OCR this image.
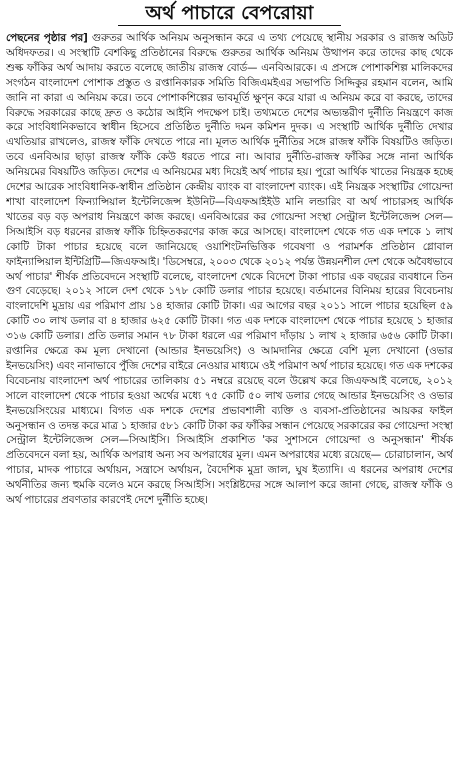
অর্থ পাচারে বেপরোয়া
পেছনের পৃষ্ঠার পর] গুরুতর আর্থিক অনিয়ম অনুসন্ধান করে এ তথ্য পেয়েছে স্থানীয় সরকার ও রাজস্ব অডিট অধিদফতর। এ সংস্থাটি বেশকিছু প্রতিষ্ঠানের বিরুদ্ধে গুরুতর আর্থিক অনিয়ম উত্থাপন করে তাদের কাছ থেকে শুল্ক ফাঁকির অর্থ আদায় করতে বলেছে জাতীয় রাজস্ব বোর্ড— এনবিআরকে। এ প্রসঙ্গে পোশাকশিল্প মালিকদের সংগঠন বাংলাদেশ পোশাক প্রস্তুত ও রপ্তানিকারক সমিতি বিজিএমইএর সভাপতি সিদ্দিকুর রহমান বলেন, আমি জানি না কারা এ অনিয়ম করে। তবে পোশাকশিল্পের ভাবমূর্তি ক্ষুণ্ন করে যারা এ অনিয়ম করে বা করছে, তাদের বিরুদ্ধে সরকারের কাছে দ্রুত ও কঠোর আইনি পদক্ষেপ চাই। তথ্যমতে দেশের অভ্যন্তরীণ দুর্নীতি নিয়ন্ত্রণে কাজ করে সাংবিধানিকভাবে স্বাধীন হিসেবে প্রতিষ্ঠিত দুর্নীতি দমন কমিশন দুদক। এ সংস্থাটি আর্থিক দুর্নীতি দেখার এখতিয়ার রাখলেও, রাজস্ব ফাঁকি দেখতে পারে না। মূলত আর্থিক দুর্নীতির সঙ্গে রাজস্ব ফাঁকি বিষয়টিও জড়িত। তবে এনবিআর ছাড়া রাজস্ব ফাঁকি কেউ ধরতে পারে না। আবার দুর্নীতি-রাজস্ব ফাঁকির সঙ্গে নানা আর্থিক অনিয়মের বিষয়টিও জড়িত। দেশের এ অনিয়মের মধ্য দিয়েই অর্থ পাচার হয়। পুরো আর্থিক খাতের নিয়ন্ত্রক হচ্ছে দেশের আরেক সাংবিধানিক-স্বাধীন প্রতিষ্ঠান কেন্দ্রীয় ব্যাংক বা বাংলাদেশ ব্যাংক। এই নিয়ন্ত্রক সংস্থাটির গোয়েন্দা শাখা বাংলাদেশ ফিন্যান্সিয়াল ইন্টেলিজেন্স ইউনিট—বিএফআইইউ মানি লন্ডারিং বা অর্থ পাচারসহ আর্থিক খাতের বড় বড় অপরাধ নিয়ন্ত্রণে কাজ করছে। এনবিআরের কর গোয়েন্দা সংস্থা সেন্ট্রাল ইন্টেলিজেন্স সেল—সিআইসি বড় ধরনের রাজস্ব ফাঁকি চিহ্নিতকরণের কাজ করে আসছে। বাংলাদেশ থেকে গত এক দশকে ১ লাখ কোটি টাকা পাচার হয়েছে বলে জানিয়েছে ওয়াশিংটনভিত্তিক গবেষণা ও পরামর্শক প্রতিষ্ঠান গ্লোবাল ফাইন্যান্সিয়াল ইন্টিগ্রিটি—জিএফআই। 'ডিসেম্বরে, ২০০৩ থেকে ২০১২ পর্যন্ত উন্নয়নশীল দেশ থেকে অবৈধভাবে অর্থ পাচার' শীর্ষক প্রতিবেদনে সংস্থাটি বলেছে, বাংলাদেশ থেকে বিদেশে টাকা পাচার এক বছরের ব্যবধানে তিন গুণ বেড়েছে। ২০১২ সালে দেশ থেকে ১৭৮ কোটি ডলার পাচার হয়েছে। বর্তমানের বিনিময় হারের বিবেচনায় বাংলাদেশি মুদ্রায় এর পরিমাণ প্রায় ১৪ হাজার কোটি টাকা। এর আগের বছর ২০১১ সালে পাচার হয়েছিল ৫৯ কোটি ৩০ লাখ ডলার বা ৪ হাজার ৬২৫ কোটি টাকা। গত এক দশকে বাংলাদেশ থেকে পাচার হয়েছে ১ হাজার ৩১৬ কোটি ডলার। প্রতি ডলার সমান ৭৮ টাকা ধরলে এর পরিমাণ দাঁড়ায় ১ লাখ ২ হাজার ৬৫৬ কোটি টাকা। রপ্তানির ক্ষেত্রে কম মূল্য দেখানো (আন্ডার ইনভয়েসিং) ও আমদানির ক্ষেত্রে বেশি মূল্য দেখানো (ওভার ইনভয়েসিং) এবং নানাভাবে পুঁজি দেশের বাইরে নেওয়ার মাধ্যমে ওই পরিমাণ অর্থ পাচার হয়েছে। গত এক দশকের বিবেচনায় বাংলাদেশ অর্থ পাচারের তালিকায় ৫১ নম্বরে রয়েছে বলে উল্লেখ করে জিএফআই বলেছে, ২০১২ সালে বাংলাদেশ থেকে পাচার হওয়া অর্থের মধ্যে ৭৫ কোটি ৫০ লাখ ডলার গেছে আন্ডার ইনভয়েসিং ও ওভার ইনভয়েসিংয়ের মাধ্যমে। বিগত এক দশকে দেশের প্রভাবশালী ব্যক্তি ও ব্যবসা-প্রতিষ্ঠানের আয়কর ফাইল অনুসন্ধান ও তদন্ত করে মাত্র ১ হাজার ৫৮১ কোটি টাকা কর ফাঁকির সন্ধান পেয়েছে সরকারের কর গোয়েন্দা সংস্থা সেন্ট্রাল ইন্টেলিজেন্স সেল—সিআইসি। সিআইসি প্রকাশিত 'কর সুশাসনে গোয়েন্দা ও অনুসন্ধান' শীর্ষক প্রতিবেদনে বলা হয়, আর্থিক অপরাধ অন্য সব অপরাধের মূল। এমন অপরাধের মধ্যে রয়েছে— চোরাচালান, অর্থ পাচার, মাদক পাচারে অর্থায়ন, সন্ত্রাসে অর্থায়ন, বৈদেশিক মুদ্রা জাল, ঘুষ ইত্যাদি। এ ধরনের অপরাধ দেশের অর্থনীতির জন্য হুমকি বলেও মনে করছে সিআইসি। সংশ্লিষ্টদের সঙ্গে আলাপ করে জানা গেছে, রাজস্ব ফাঁকি ও অর্থ পাচারের প্রবণতার কারণেই দেশে দুর্নীতি হচ্ছে।
